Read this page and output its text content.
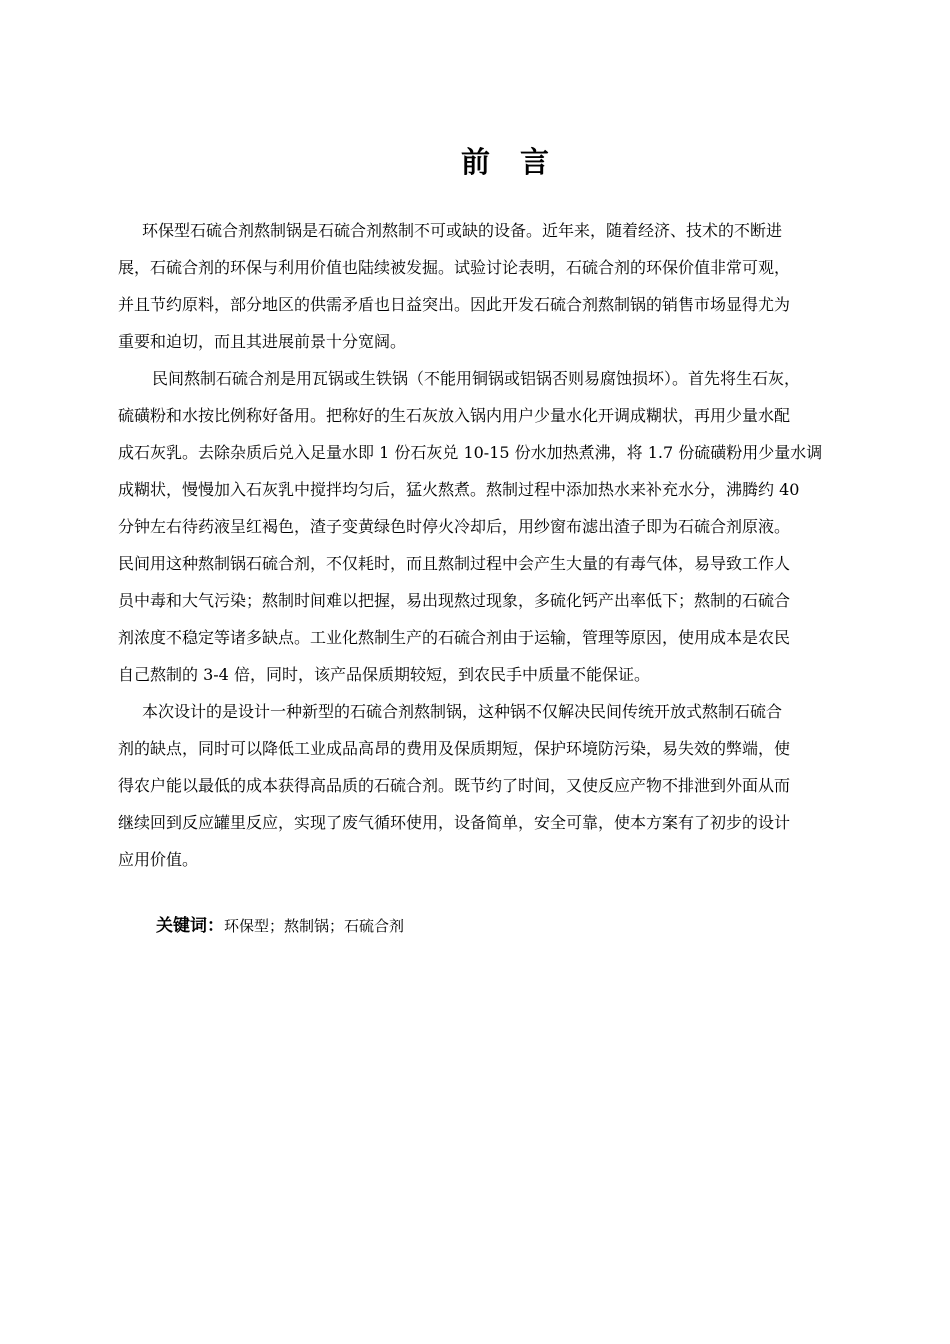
前 言
环保型石硫合剂熬制锅是石硫合剂熬制不可或缺的设备。近年来，随着经济、技术的不断进
展，石硫合剂的环保与利用价值也陆续被发掘。试验讨论表明，石硫合剂的环保价值非常可观，
并且节约原料，部分地区的供需矛盾也日益突出。因此开发石硫合剂熬制锅的销售市场显得尤为
重要和迫切，而且其进展前景十分宽阔。
民间熬制石硫合剂是用瓦锅或生铁锅（不能用铜锅或铝锅否则易腐蚀损坏）。首先将生石灰，
硫磺粉和水按比例称好备用。把称好的生石灰放入锅内用户少量水化开调成糊状，再用少量水配
成石灰乳。去除杂质后兑入足量水即 1 份石灰兑 10-15 份水加热煮沸，将 1.7 份硫磺粉用少量水调
成糊状，慢慢加入石灰乳中搅拌均匀后，猛火熬煮。熬制过程中添加热水来补充水分，沸腾约 40
分钟左右待药液呈红褐色，渣子变黄绿色时停火冷却后，用纱窗布滤出渣子即为石硫合剂原液。
民间用这种熬制锅石硫合剂，不仅耗时，而且熬制过程中会产生大量的有毒气体，易导致工作人
员中毒和大气污染；熬制时间难以把握，易出现熬过现象，多硫化钙产出率低下；熬制的石硫合
剂浓度不稳定等诸多缺点。工业化熬制生产的石硫合剂由于运输，管理等原因，使用成本是农民
自己熬制的 3-4 倍，同时，该产品保质期较短，到农民手中质量不能保证。
本次设计的是设计一种新型的石硫合剂熬制锅，这种锅不仅解决民间传统开放式熬制石硫合
剂的缺点，同时可以降低工业成品高昂的费用及保质期短，保护环境防污染，易失效的弊端，使
得农户能以最低的成本获得高品质的石硫合剂。既节约了时间，又使反应产物不排泄到外面从而
继续回到反应罐里反应，实现了废气循环使用，设备简单，安全可靠，使本方案有了初步的设计
应用价值。
关键词：环保型；熬制锅；石硫合剂
